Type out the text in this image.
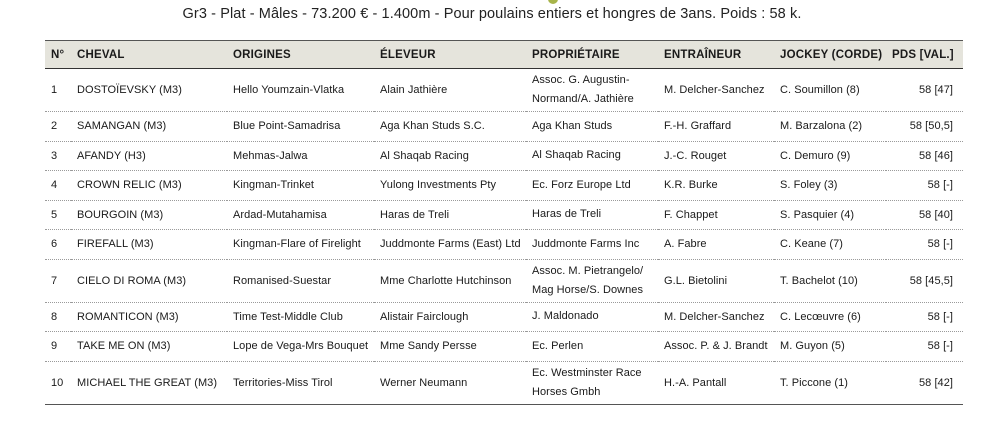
Gr3 - Plat - Mâles - 73.200 € - 1.400m - Pour poulains entiers et hongres de 3ans. Poids : 58 k.
N°	CHEVAL	ORIGINES	ÉLEVEUR	PROPRIÉTAIRE	ENTRAÎNEUR	JOCKEY (CORDE)	PDS [VAL.]
1	DOSTOÏEVSKY (M3)	Hello Youmzain-Vlatka	Alain Jathière	Assoc. G. Augustin-Normand/A. Jathière	M. Delcher-Sanchez	C. Soumillon (8)	58 [47]
2	SAMANGAN (M3)	Blue Point-Samadrisa	Aga Khan Studs S.C.	Aga Khan Studs	F.-H. Graffard	M. Barzalona (2)	58 [50,5]
3	AFANDY (H3)	Mehmas-Jalwa	Al Shaqab Racing	Al Shaqab Racing	J.-C. Rouget	C. Demuro (9)	58 [46]
4	CROWN RELIC (M3)	Kingman-Trinket	Yulong Investments Pty	Ec. Forz Europe Ltd	K.R. Burke	S. Foley (3)	58 [-]
5	BOURGOIN (M3)	Ardad-Mutahamisa	Haras de Treli	Haras de Treli	F. Chappet	S. Pasquier (4)	58 [40]
6	FIREFALL (M3)	Kingman-Flare of Firelight	Juddmonte Farms (East) Ltd	Juddmonte Farms Inc	A. Fabre	C. Keane (7)	58 [-]
7	CIELO DI ROMA (M3)	Romanised-Suestar	Mme Charlotte Hutchinson	Assoc. M. Pietrangelo/ Mag Horse/S. Downes	G.L. Bietolini	T. Bachelot (10)	58 [45,5]
8	ROMANTICON (M3)	Time Test-Middle Club	Alistair Fairclough	J. Maldonado	M. Delcher-Sanchez	C. Lecœuvre (6)	58 [-]
9	TAKE ME ON (M3)	Lope de Vega-Mrs Bouquet	Mme Sandy Persse	Ec. Perlen	Assoc. P. & J. Brandt	M. Guyon (5)	58 [-]
10	MICHAEL THE GREAT (M3)	Territories-Miss Tirol	Werner Neumann	Ec. Westminster Race Horses Gmbh	H.-A. Pantall	T. Piccone (1)	58 [42]
